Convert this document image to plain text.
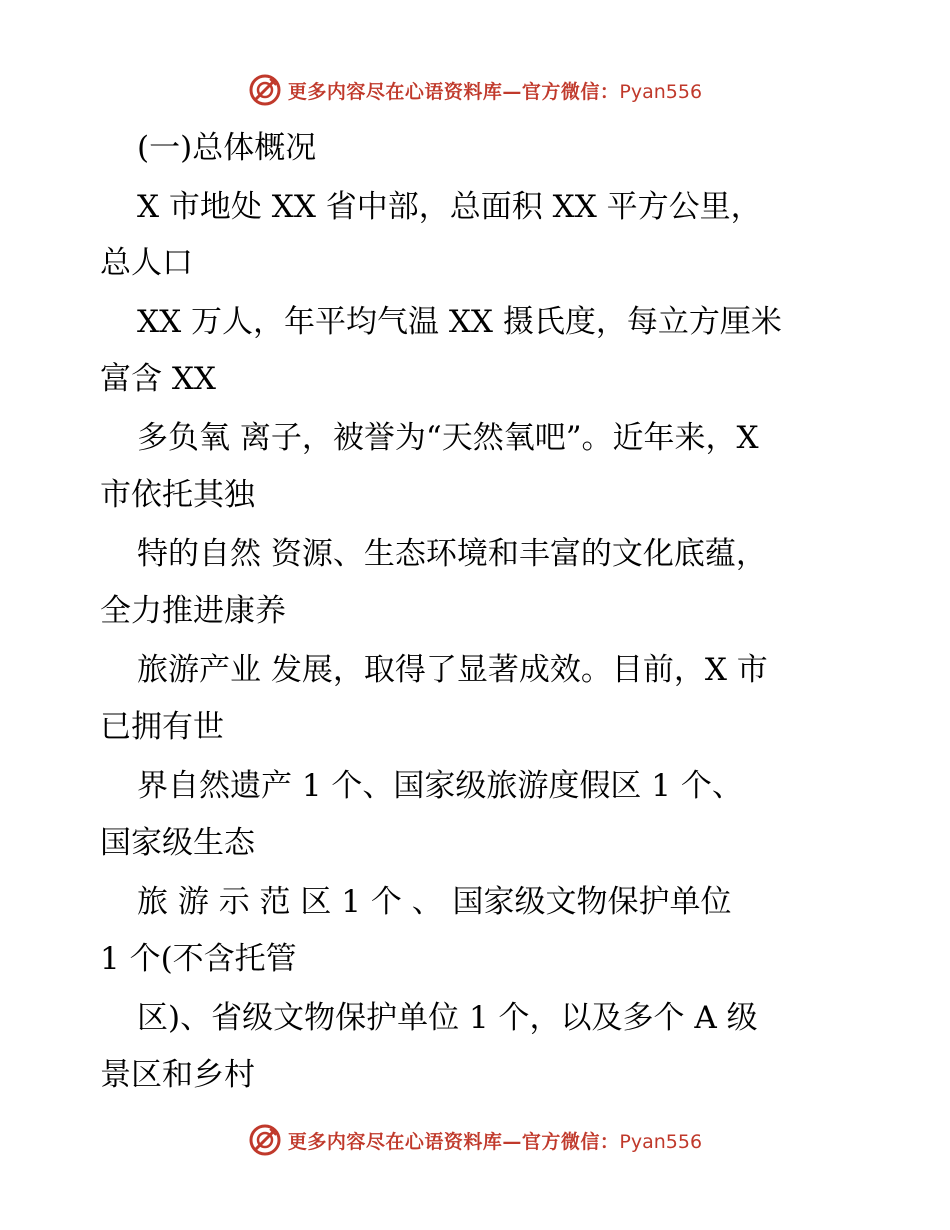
更多内容尽在心语资料库—官方微信：Pyan556
(一)总体概况
X 市地处 XX 省中部，总面积 XX 平方公里，
总人口
XX 万人，年平均气温 XX 摄氏度，每立方厘米
富含 XX
多负氧 离子，被誉为“天然氧吧”。近年来，X
市依托其独
特的自然 资源、生态环境和丰富的文化底蕴，
全力推进康养
旅游产业 发展，取得了显著成效。目前，X 市
已拥有世
界自然遗产 1 个、国家级旅游度假区 1 个、
国家级生态
旅 游 示 范 区 1 个 、 国家级文物保护单位
1 个(不含托管
区)、省级文物保护单位 1 个，以及多个 A 级
景区和乡村
更多内容尽在心语资料库—官方微信：Pyan556
